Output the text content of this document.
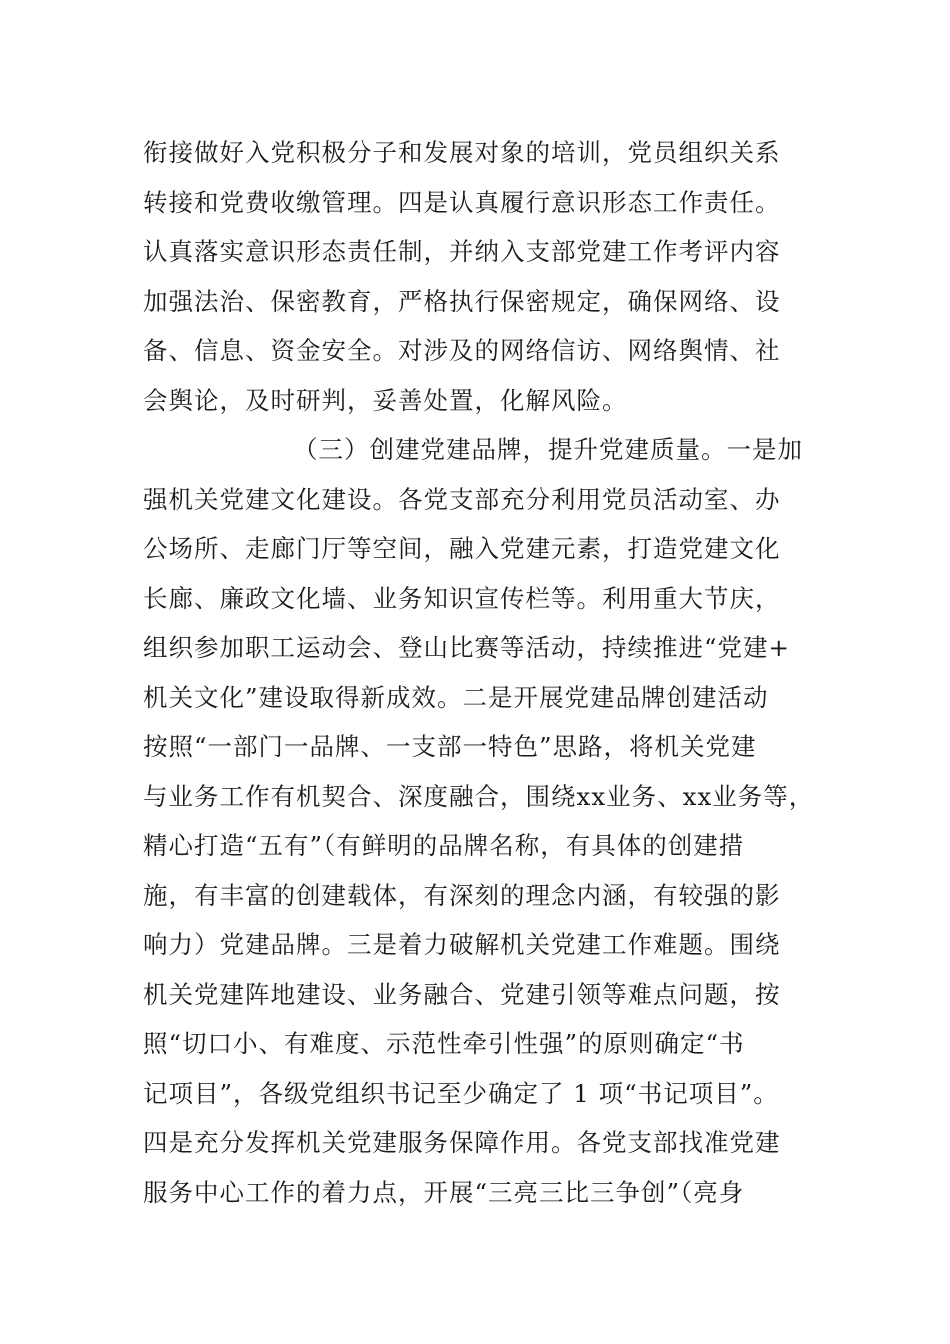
衔接做好入党积极分子和发展对象的培训，党员组织关系
转接和党费收缴管理。四是认真履行意识形态工作责任。
认真落实意识形态责任制，并纳入支部党建工作考评内容
加强法治、保密教育，严格执行保密规定，确保网络、设
备、信息、资金安全。对涉及的网络信访、网络舆情、社
会舆论，及时研判，妥善处置，化解风险。
（三）创建党建品牌，提升党建质量。一是加
强机关党建文化建设。各党支部充分利用党员活动室、办
公场所、走廊门厅等空间，融入党建元素，打造党建文化
长廊、廉政文化墙、业务知识宣传栏等。利用重大节庆，
组织参加职工运动会、登山比赛等活动，持续推进“党建+
机关文化”建设取得新成效。二是开展党建品牌创建活动
按照“一部门一品牌、一支部一特色”思路，将机关党建
与业务工作有机契合、深度融合，围绕xx业务、xx业务等，
精心打造“五有”（有鲜明的品牌名称，有具体的创建措
施，有丰富的创建载体，有深刻的理念内涵，有较强的影
响力）党建品牌。三是着力破解机关党建工作难题。围绕
机关党建阵地建设、业务融合、党建引领等难点问题，按
照“切口小、有难度、示范性牵引性强”的原则确定“书
记项目”，各级党组织书记至少确定了 1 项“书记项目”。
四是充分发挥机关党建服务保障作用。各党支部找准党建
服务中心工作的着力点，开展“三亮三比三争创”（亮身
